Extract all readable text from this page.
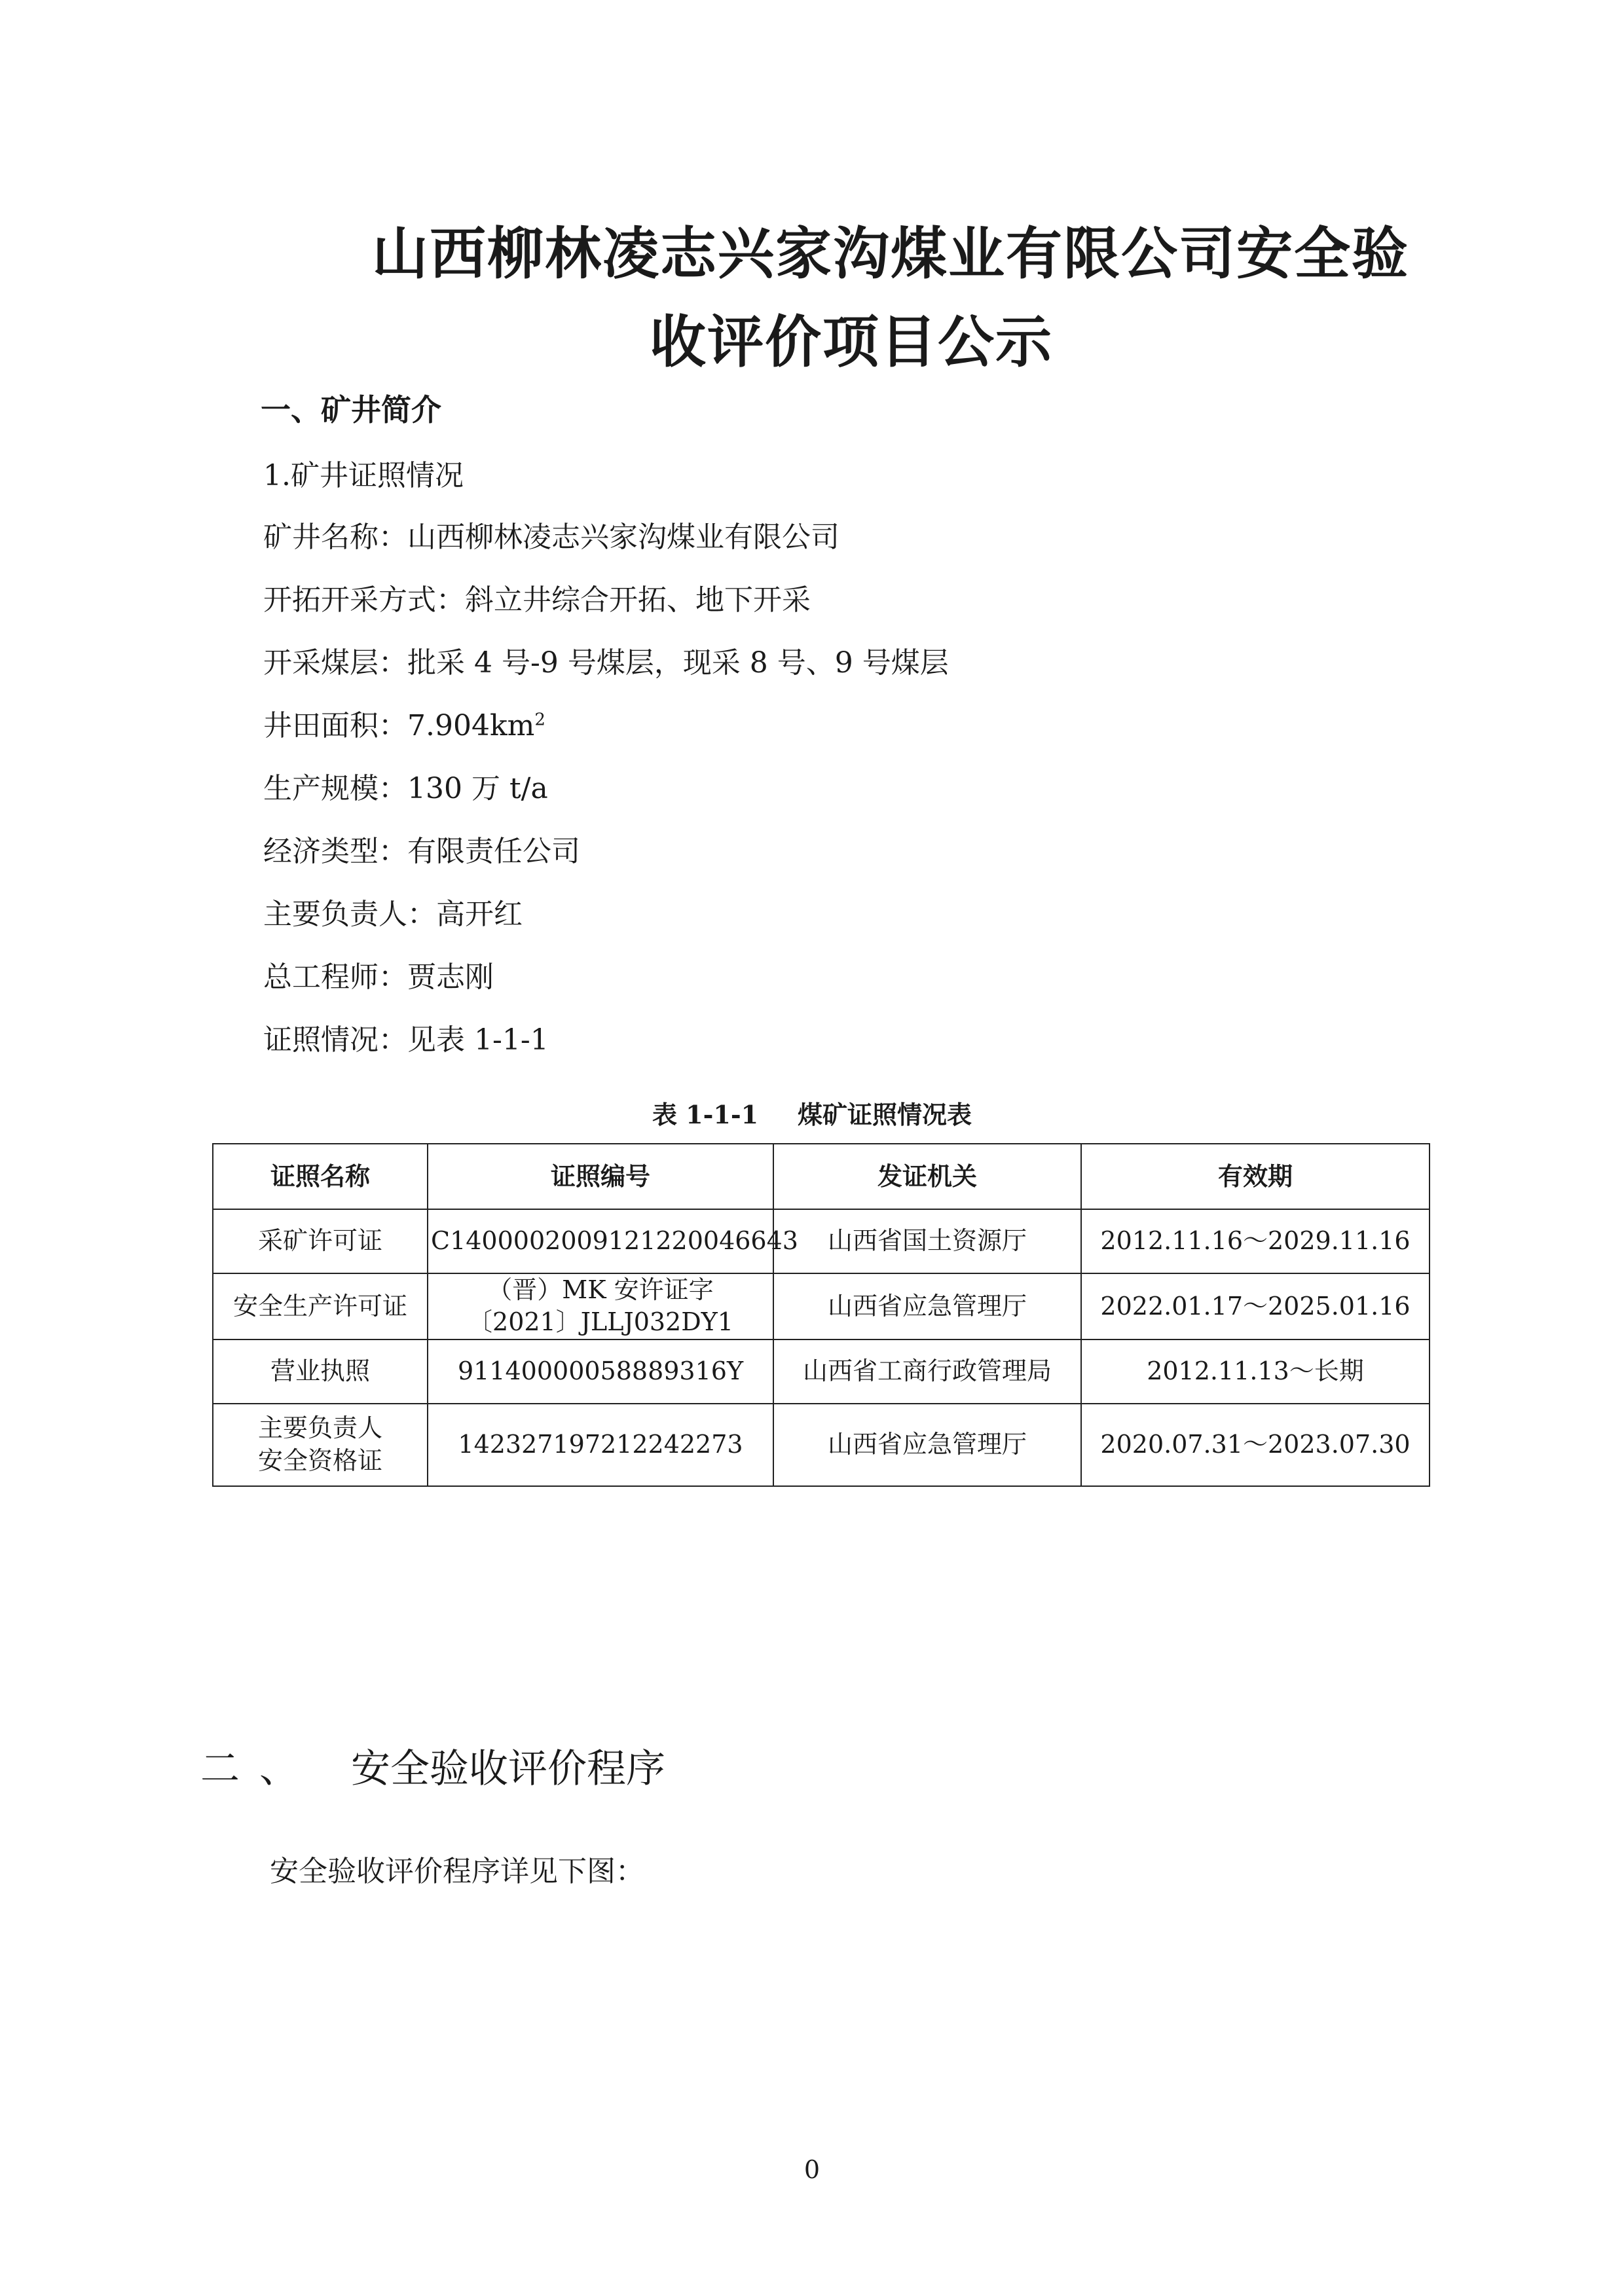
山西柳林凌志兴家沟煤业有限公司安全验
收评价项目公示
一、矿井简介
1.矿井证照情况
矿井名称：山西柳林凌志兴家沟煤业有限公司
开拓开采方式：斜立井综合开拓、地下开采
开采煤层：批采 4 号-9 号煤层，现采 8 号、9 号煤层
井田面积：$7.904km^2$
生产规模：130 万 t/a
经济类型：有限责任公司
主要负责人：高开红
总工程师：贾志刚
证照情况：见表 1-1-1
表 1-1-1 煤矿证照情况表
证照名称	证照编号	发证机关	有效期

采矿许可证	C1400002009121220046643	山西省国土资源厅	2012.11.16～2029.11.16

安全生产许可证	（晋）MK 安许证字
〔2021〕JLLJ032DY1	山西省应急管理厅	2022.01.17～2025.01.16

营业执照	91140000058889316Y	山西省工商行政管理局	2012.11.13～长期

主要负责人
安全资格证	142327197212242273	山西省应急管理厅	2020.07.31～2023.07.30
二 、 安全验收评价程序
安全验收评价程序详见下图：
0
